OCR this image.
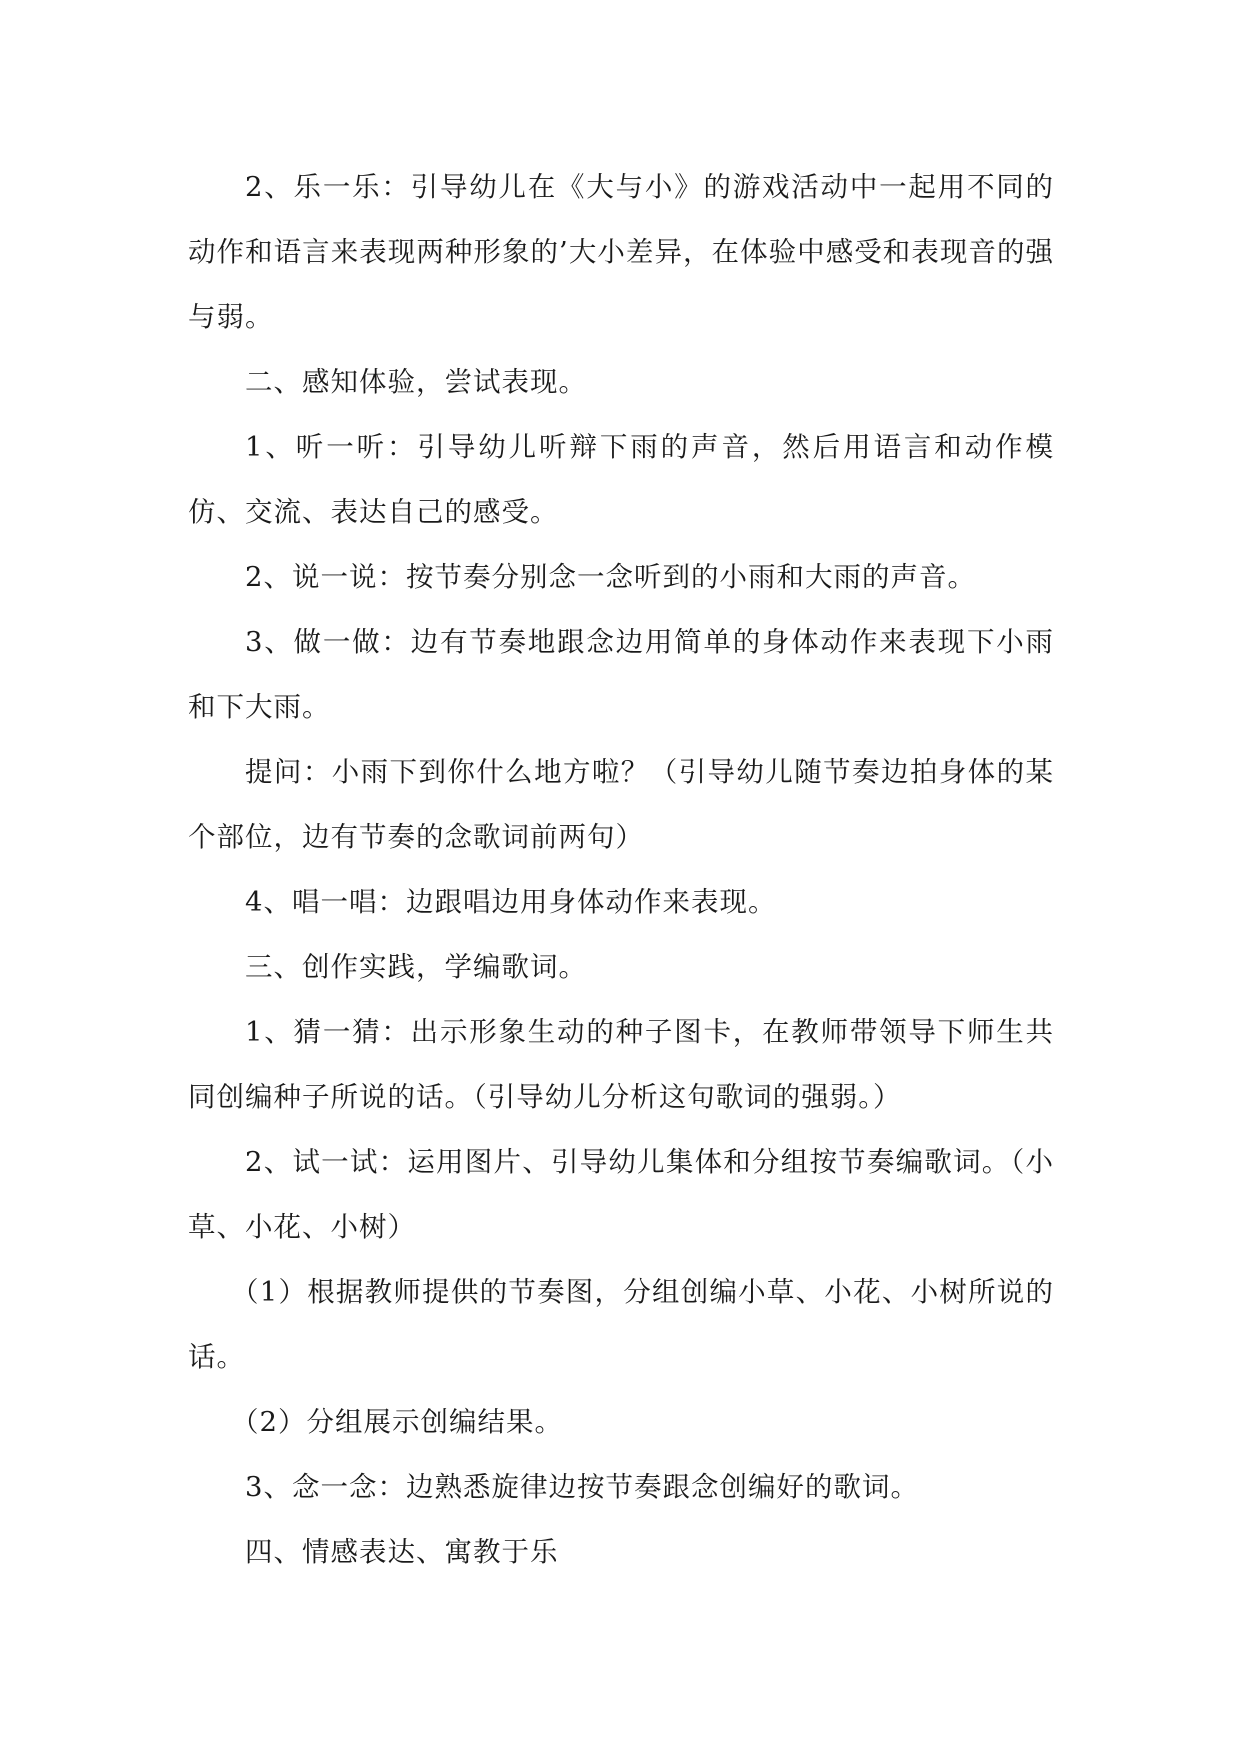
2、乐一乐：引导幼儿在《大与小》的游戏活动中一起用不同的动作和语言来表现两种形象的’大小差异，在体验中感受和表现音的强与弱。

二、感知体验，尝试表现。

1、听一听：引导幼儿听辩下雨的声音，然后用语言和动作模仿、交流、表达自己的感受。

2、说一说：按节奏分别念一念听到的小雨和大雨的声音。

3、做一做：边有节奏地跟念边用简单的身体动作来表现下小雨和下大雨。

提问：小雨下到你什么地方啦？（引导幼儿随节奏边拍身体的某个部位，边有节奏的念歌词前两句）

4、唱一唱：边跟唱边用身体动作来表现。

三、创作实践，学编歌词。

1、猜一猜：出示形象生动的种子图卡，在教师带领导下师生共同创编种子所说的话。（引导幼儿分析这句歌词的强弱。）

2、试一试：运用图片、引导幼儿集体和分组按节奏编歌词。（小草、小花、小树）

（1）根据教师提供的节奏图，分组创编小草、小花、小树所说的话。

（2）分组展示创编结果。

3、念一念：边熟悉旋律边按节奏跟念创编好的歌词。

四、情感表达、寓教于乐
